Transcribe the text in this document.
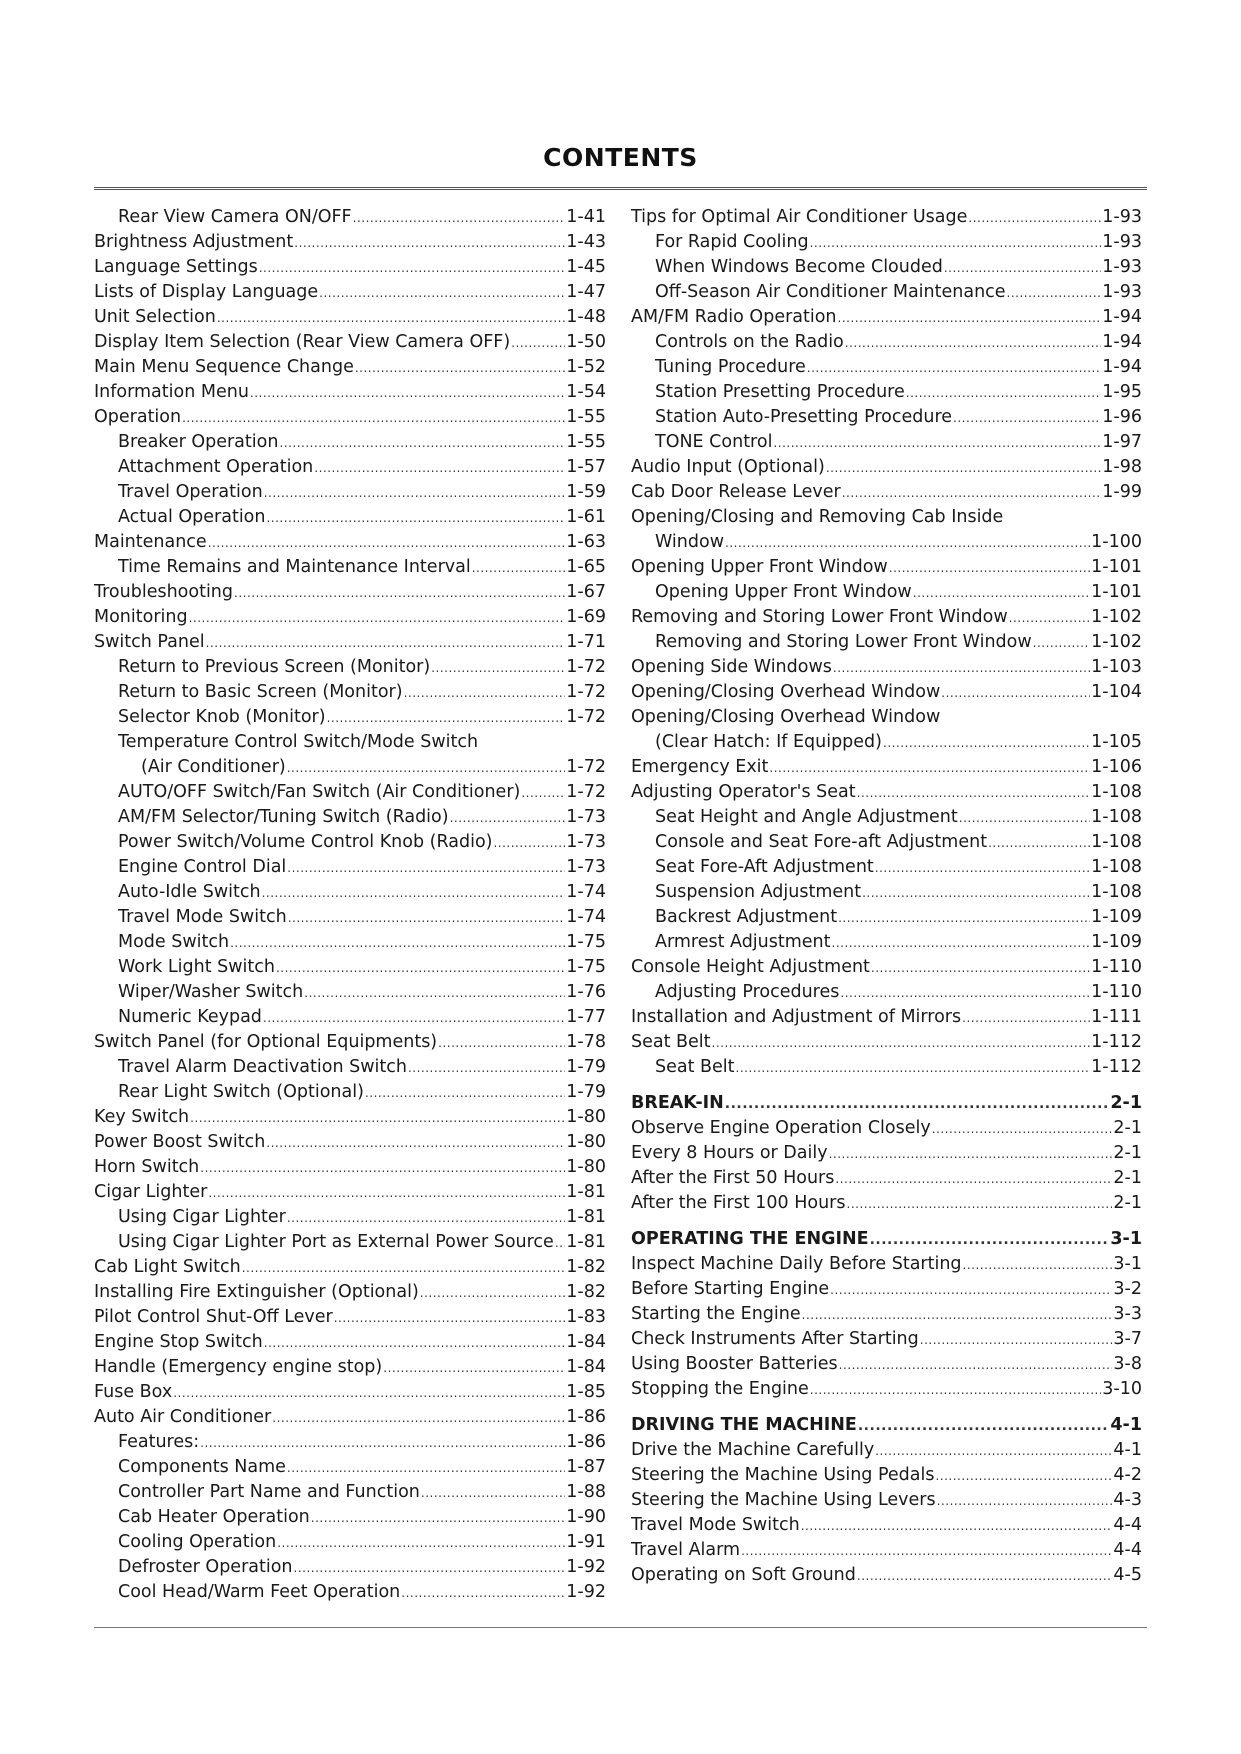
CONTENTS
Rear View Camera ON/OFF .....	1-41
Brightness Adjustment .....	1-43
Language Settings .....	1-45
Lists of Display Language .....	1-47
Unit Selection .....	1-48
Display Item Selection (Rear View Camera OFF) .....	1-50
Main Menu Sequence Change .....	1-52
Information Menu .....	1-54
Operation .....	1-55
Breaker Operation .....	1-55
Attachment Operation .....	1-57
Travel Operation .....	1-59
Actual Operation .....	1-61
Maintenance .....	1-63
Time Remains and Maintenance Interval .....	1-65
Troubleshooting .....	1-67
Monitoring .....	1-69
Switch Panel .....	1-71
Return to Previous Screen (Monitor) .....	1-72
Return to Basic Screen (Monitor) .....	1-72
Selector Knob (Monitor) .....	1-72
Temperature Control Switch/Mode Switch
(Air Conditioner) .....	1-72
AUTO/OFF Switch/Fan Switch (Air Conditioner) .....	1-72
AM/FM Selector/Tuning Switch (Radio) .....	1-73
Power Switch/Volume Control Knob (Radio) .....	1-73
Engine Control Dial .....	1-73
Auto-Idle Switch .....	1-74
Travel Mode Switch .....	1-74
Mode Switch .....	1-75
Work Light Switch .....	1-75
Wiper/Washer Switch .....	1-76
Numeric Keypad .....	1-77
Switch Panel (for Optional Equipments) .....	1-78
Travel Alarm Deactivation Switch .....	1-79
Rear Light Switch (Optional) .....	1-79
Key Switch .....	1-80
Power Boost Switch .....	1-80
Horn Switch .....	1-80
Cigar Lighter .....	1-81
Using Cigar Lighter .....	1-81
Using Cigar Lighter Port as External Power Source ..... 1-81
Cab Light Switch .....	1-82
Installing Fire Extinguisher (Optional) .....	1-82
Pilot Control Shut-Off Lever .....	1-83
Engine Stop Switch .....	1-84
Handle (Emergency engine stop) .....	1-84
Fuse Box .....	1-85
Auto Air Conditioner .....	1-86
Features: .....	1-86
Components Name .....	1-87
Controller Part Name and Function .....	1-88
Cab Heater Operation .....	1-90
Cooling Operation .....	1-91
Defroster Operation .....	1-92
Cool Head/Warm Feet Operation .....	1-92
Tips for Optimal Air Conditioner Usage .....	1-93
For Rapid Cooling .....	1-93
When Windows Become Clouded .....	1-93
Off-Season Air Conditioner Maintenance .....	1-93
AM/FM Radio Operation .....	1-94
Controls on the Radio .....	1-94
Tuning Procedure .....	1-94
Station Presetting Procedure .....	1-95
Station Auto-Presetting Procedure .....	1-96
TONE Control .....	1-97
Audio Input (Optional) .....	1-98
Cab Door Release Lever .....	1-99
Opening/Closing and Removing Cab Inside
Window .....	1-100
Opening Upper Front Window .....	1-101
Opening Upper Front Window .....	1-101
Removing and Storing Lower Front Window .....	1-102
Removing and Storing Lower Front Window .....	1-102
Opening Side Windows .....	1-103
Opening/Closing Overhead Window .....	1-104
Opening/Closing Overhead Window
(Clear Hatch: If Equipped) .....	1-105
Emergency Exit .....	1-106
Adjusting Operator's Seat .....	1-108
Seat Height and Angle Adjustment .....	1-108
Console and Seat Fore-aft Adjustment .....	1-108
Seat Fore-Aft Adjustment .....	1-108
Suspension Adjustment .....	1-108
Backrest Adjustment .....	1-109
Armrest Adjustment .....	1-109
Console Height Adjustment .....	1-110
Adjusting Procedures .....	1-110
Installation and Adjustment of Mirrors .....	1-111
Seat Belt .....	1-112
Seat Belt .....	1-112
BREAK-IN .....	2-1
Observe Engine Operation Closely .....	2-1
Every 8 Hours or Daily .....	2-1
After the First 50 Hours .....	2-1
After the First 100 Hours .....	2-1
OPERATING THE ENGINE .....	3-1
Inspect Machine Daily Before Starting .....	3-1
Before Starting Engine .....	3-2
Starting the Engine .....	3-3
Check Instruments After Starting .....	3-7
Using Booster Batteries .....	3-8
Stopping the Engine .....	3-10
DRIVING THE MACHINE .....	4-1
Drive the Machine Carefully .....	4-1
Steering the Machine Using Pedals .....	4-2
Steering the Machine Using Levers .....	4-3
Travel Mode Switch .....	4-4
Travel Alarm .....	4-4
Operating on Soft Ground .....	4-5
